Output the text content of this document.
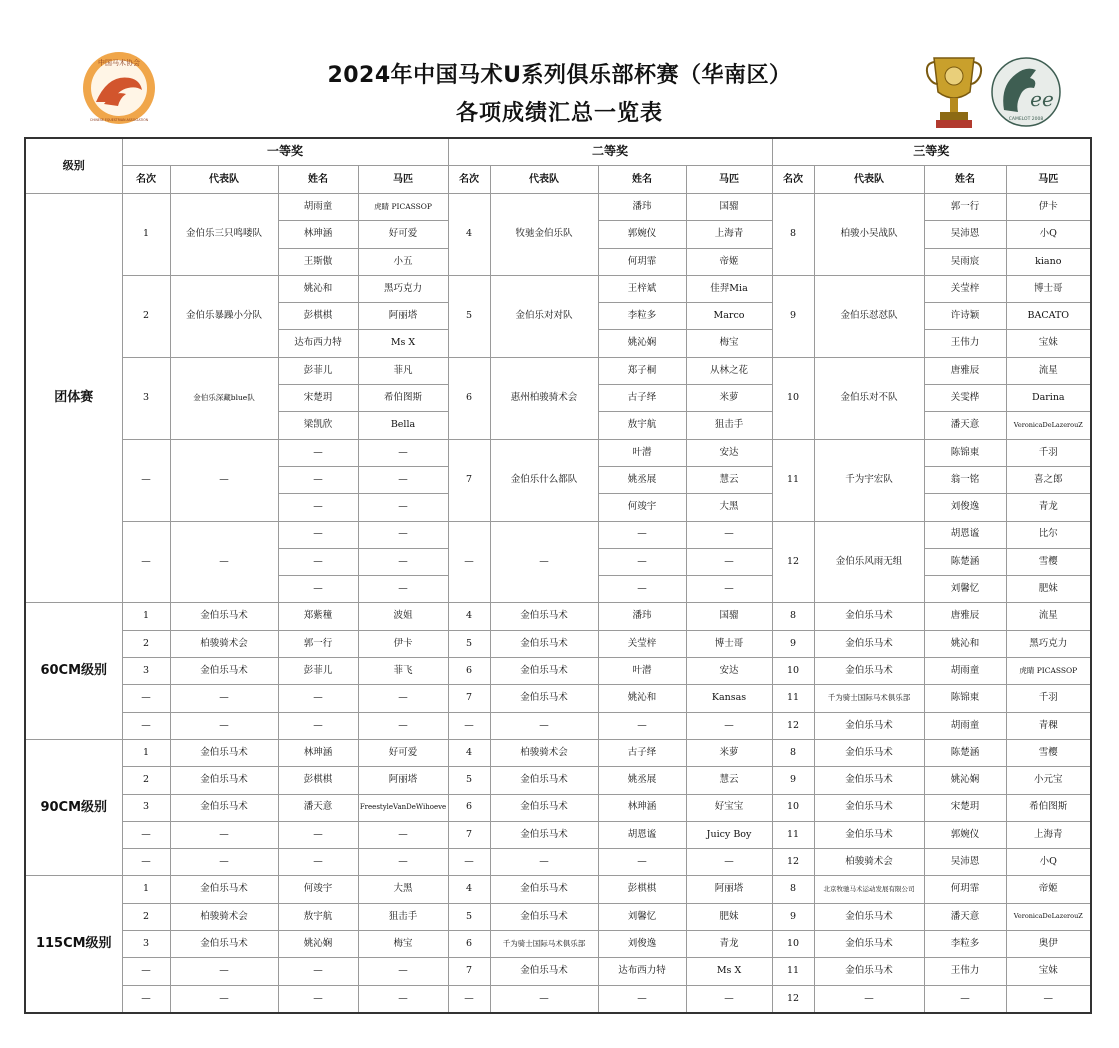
中国马术协会
CHINESE EQUESTRIAN ASSOCIATION
2024年中国马术U系列俱乐部杯赛（华南区）
各项成绩汇总一览表
ee
CAMELOT 2008
级别	一等奖				二等奖				三等奖			
	名次	代表队	姓名	马匹	名次	代表队	姓名	马匹	名次	代表队	姓名	马匹
团体赛	1	金伯乐三只鸣喽队	胡雨童	虎睛 PICASSOP	4	牧驰金伯乐队	潘玮	国骝	8	柏骏小吴战队	郭一行	伊卡
			林珅涵	好可爱			郭婉仪	上海青			吴沛恩	小Q
			王斯傲	小五			何玥霏	帝姬			吴雨宸	kiano
	2	金伯乐暴躁小分队	姚沁和	黑巧克力	5	金伯乐对对队	王梓斌	佳羿Mia	9	金伯乐怼怼队	关莹梓	博士哥
			彭棋棋	阿丽塔			李粒多	Marco			许诗颖	BACATO
			达布西力特	Ms X			姚沁娴	梅宝			王伟力	宝妹
	3	金伯乐深藏blue队	彭菲儿	菲凡	6	惠州柏骏骑术会	郑子桐	从林之花	10	金伯乐对不队	唐雅辰	流星
			宋楚玥	希伯图斯			古子绎	米萝			关雯桦	Darina
			梁凯欣	Bella			敖宇航	狙击手			潘天意	VeronicaDeLazerouZ
	—	—	—	—	7	金伯乐什么都队	叶潜	安达	11	千为宇宏队	陈锦東	千羽
			—	—			姚丞展	慧云			翁一铭	喜之郎
			—	—			何竣宇	大黑			刘俊逸	青龙
	—	—	—	—	—	—	—	—	12	金伯乐风雨无组	胡恩谧	比尔
			—	—			—	—			陈楚涵	雪樱
			—	—			—	—			刘馨忆	肥妹
60CM级别	1	金伯乐马术	郑紫穜	波姐	4	金伯乐马术	潘玮	国骝	8	金伯乐马术	唐雅辰	流星
	2	柏骏骑术会	郭一行	伊卡	5	金伯乐马术	关莹梓	博士哥	9	金伯乐马术	姚沁和	黑巧克力
	3	金伯乐马术	彭菲儿	菲飞	6	金伯乐马术	叶潜	安达	10	金伯乐马术	胡雨童	虎睛 PICASSOP
	—	—	—	—	7	金伯乐马术	姚沁和	Kansas	11	千为骑士国际马术俱乐部	陈锦東	千羽
	—	—	—	—	—	—	—	—	12	金伯乐马术	胡雨童	青稞
90CM级别	1	金伯乐马术	林珅涵	好可爱	4	柏骏骑术会	古子绎	米萝	8	金伯乐马术	陈楚涵	雪樱
	2	金伯乐马术	彭棋棋	阿丽塔	5	金伯乐马术	姚丞展	慧云	9	金伯乐马术	姚沁娴	小元宝
	3	金伯乐马术	潘天意	FreestyleVanDeWihoeve	6	金伯乐马术	林珅涵	好宝宝	10	金伯乐马术	宋楚玥	希伯图斯
	—	—	—	—	7	金伯乐马术	胡恩谧	Juicy Boy	11	金伯乐马术	郭婉仪	上海青
	—	—	—	—	—	—	—	—	12	柏骏骑术会	吴沛恩	小Q
115CM级别	1	金伯乐马术	何竣宇	大黑	4	金伯乐马术	彭棋棋	阿丽塔	8	北京牧驰马术运动发展有限公司	何玥霏	帝姬
	2	柏骏骑术会	敖宇航	狙击手	5	金伯乐马术	刘馨忆	肥妹	9	金伯乐马术	潘天意	VeronicaDeLazerouZ
	3	金伯乐马术	姚沁娴	梅宝	6	千为骑士国际马术俱乐部	刘俊逸	青龙	10	金伯乐马术	李粒多	奥伊
	—	—	—	—	7	金伯乐马术	达布西力特	Ms X	11	金伯乐马术	王伟力	宝妹
	—	—	—	—	—	—	—	—	12	—	—	—
